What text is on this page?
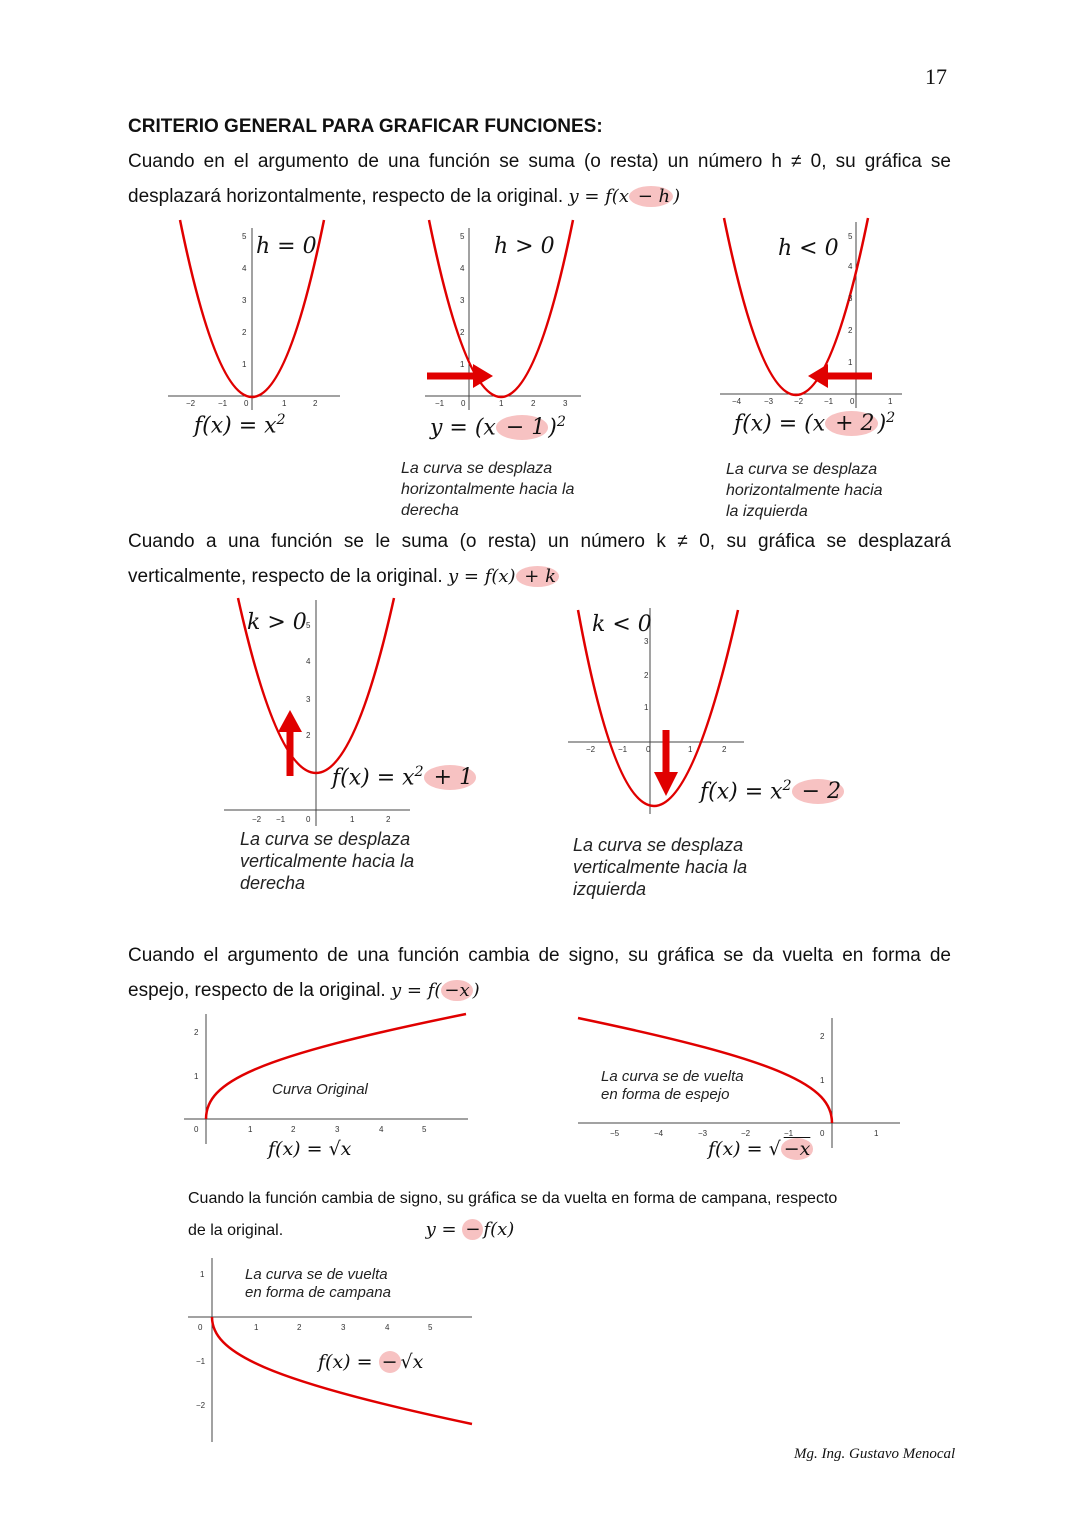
17
CRITERIO GENERAL PARA GRAFICAR FUNCIONES:
Cuando en el argumento de una función se suma (o resta) un número h ≠ 0, su gráfica se
desplazará horizontalmente, respecto de la original. y = f(x − h )
−2	−1 0	1	2
1
2
3
4
5 h = 0
$f(x) = x^2$
−1 0	1	2	3
1
2
3
4
5 h > 0
y = (x − 1 )$^2$
La curva se desplaza
horizontalmente hacia la
derecha
−4	−3	−2	−1 0	1
1
2
3
4
5
h < 0
f(x) = (x + 2 )$^2$
La curva se desplaza
horizontalmente hacia
la izquierda
Cuando a una función se le suma (o resta) un número k ≠ 0, su gráfica se desplazará
verticalmente, respecto de la original. y = f(x) + k
−2 −1	0	1	2
2
3
4
5
k > 0
$f(x) = x^2 + 1$
La curva se desplaza
verticalmente hacia la
derecha
−2	−1 0	1	2
1
2
3
k < 0
$f(x) = x^2 - 2$
La curva se desplaza
verticalmente hacia la
izquierda
Cuando el argumento de una función cambia de signo, su gráfica se da vuelta en forma de
espejo, respecto de la original. y = f( −x )
0	1	2	3	4	5
1
2
Curva Original
f(x) = √x
−5	−4	−3	−2	−1	0	1
1
2
La curva se de vuelta
en forma de espejo
f(x) = √ −x
Cuando la función cambia de signo, su gráfica se da vuelta en forma de campana, respecto
de la original.	y = − f(x)
0	1	2	3	4	5
1
−1
−2
La curva se de vuelta
en forma de campana
f(x) = − √x
Mg. Ing. Gustavo Menocal
